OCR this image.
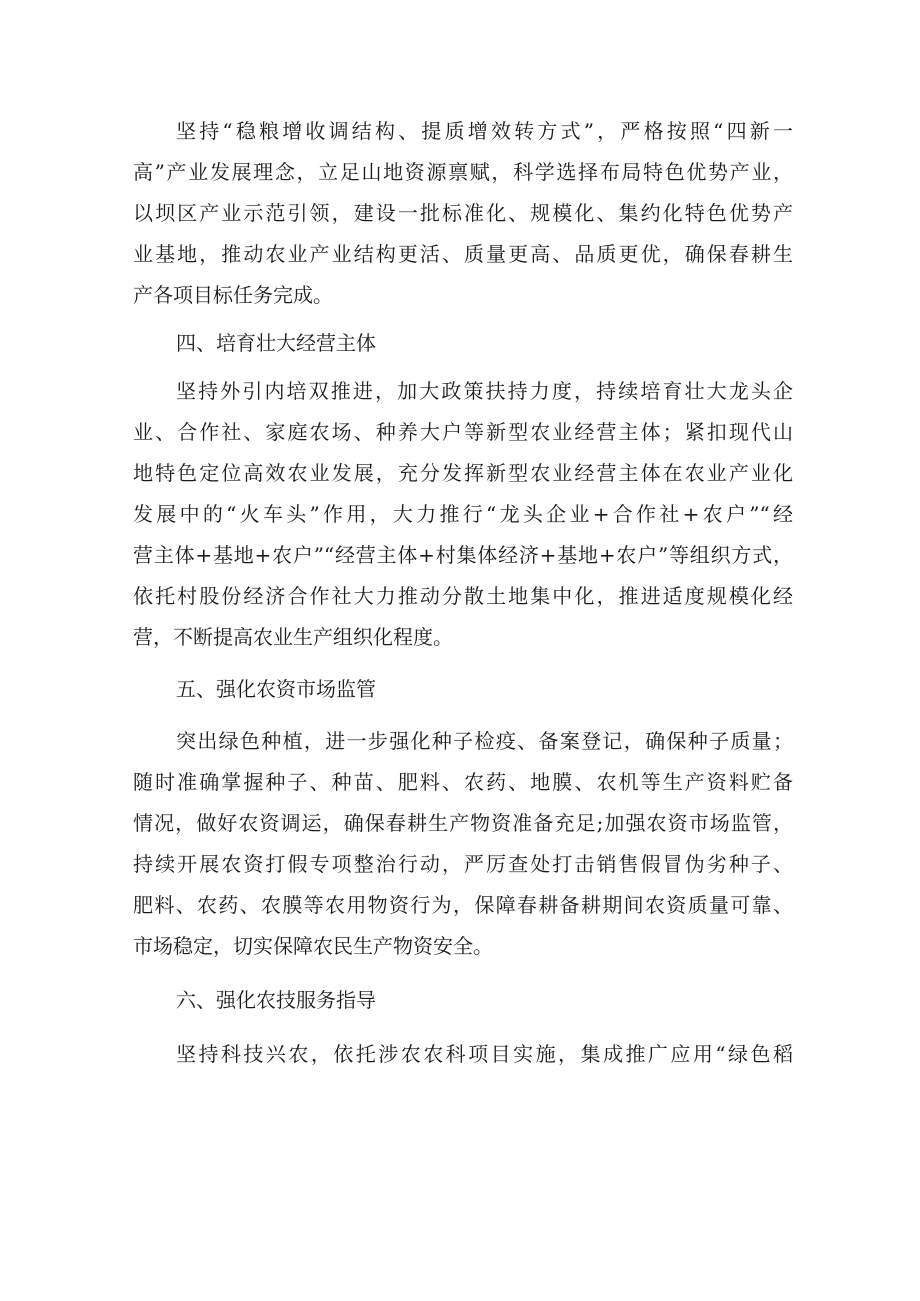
坚持“稳粮增收调结构、提质增效转方式”，严格按照“四新一
高”产业发展理念，立足山地资源禀赋，科学选择布局特色优势产业，
以坝区产业示范引领，建设一批标准化、规模化、集约化特色优势产
业基地，推动农业产业结构更活、质量更高、品质更优，确保春耕生
产各项目标任务完成。
四、培育壮大经营主体
坚持外引内培双推进，加大政策扶持力度，持续培育壮大龙头企
业、合作社、家庭农场、种养大户等新型农业经营主体；紧扣现代山
地特色定位高效农业发展，充分发挥新型农业经营主体在农业产业化
发展中的“火车头”作用，大力推行“龙头企业+合作社+农户”“经
营主体+基地+农户”“经营主体+村集体经济+基地+农户”等组织方式，
依托村股份经济合作社大力推动分散土地集中化，推进适度规模化经
营，不断提高农业生产组织化程度。
五、强化农资市场监管
突出绿色种植，进一步强化种子检疫、备案登记，确保种子质量；
随时准确掌握种子、种苗、肥料、农药、地膜、农机等生产资料贮备
情况，做好农资调运，确保春耕生产物资准备充足;加强农资市场监管，
持续开展农资打假专项整治行动，严厉查处打击销售假冒伪劣种子、
肥料、农药、农膜等农用物资行为，保障春耕备耕期间农资质量可靠、
市场稳定，切实保障农民生产物资安全。
六、强化农技服务指导
坚持科技兴农，依托涉农农科项目实施，集成推广应用“绿色稻
